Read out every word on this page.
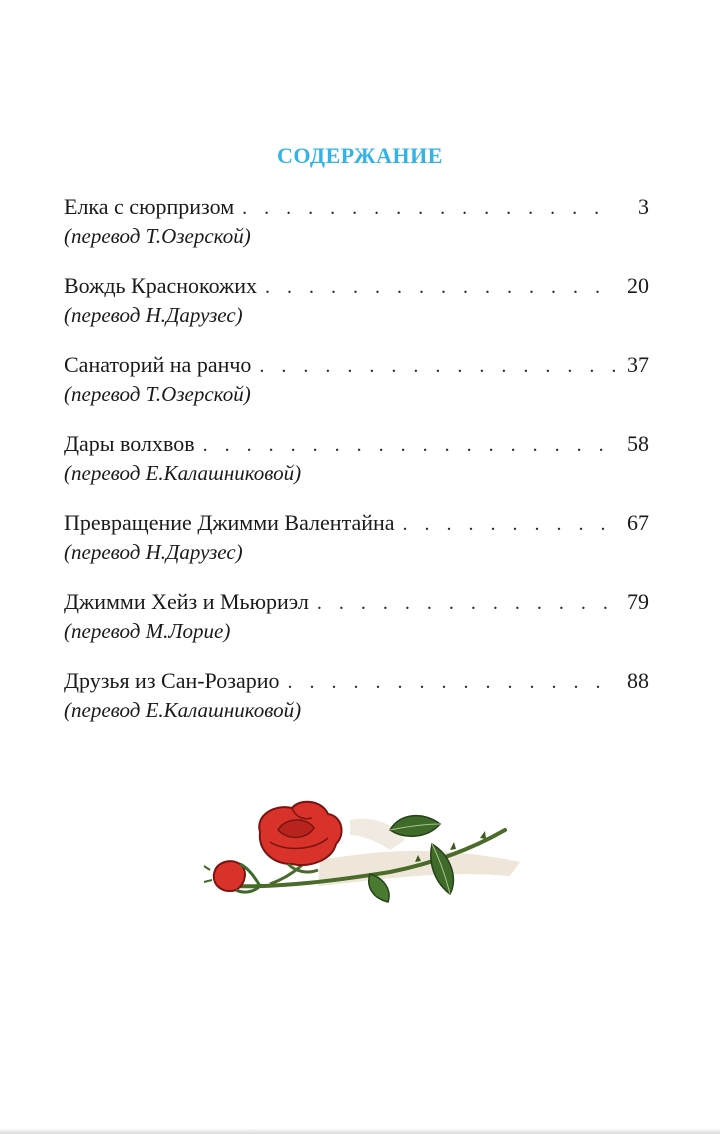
СОДЕРЖАНИЕ
Елка с сюрпризом . . .	3
(перевод Т.Озерской)
Вождь Краснокожих . . .	20
(перевод Н.Дарузес)
Санаторий на ранчо . . .	37
(перевод Т.Озерской)
Дары волхвов . . .	58
(перевод Е.Калашниковой)
Превращение Джимми Валентайна . . .	67
(перевод Н.Дарузес)
Джимми Хейз и Мьюриэл . . .	79
(перевод М.Лорие)
Друзья из Сан-Розарио . . .	88
(перевод Е.Калашниковой)
